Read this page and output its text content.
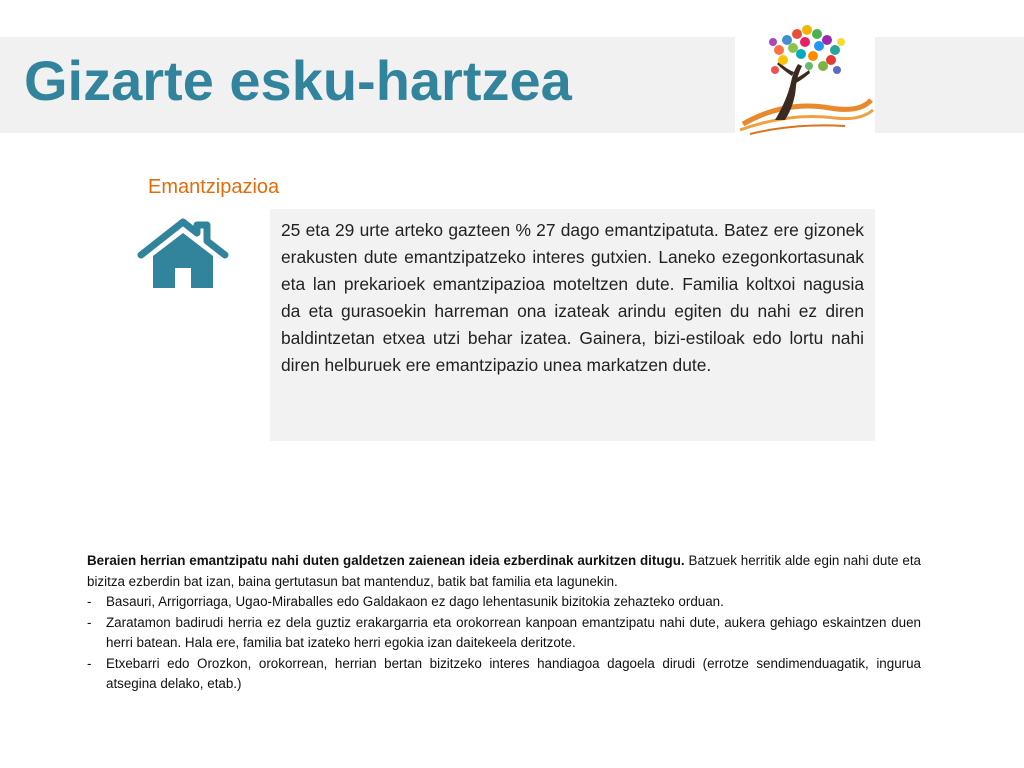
Gizarte esku-hartzea
Emantzipazioa

25 eta 29 urte arteko gazteen % 27 dago emantzipatuta. Batez ere gizonek erakusten dute emantzipatzeko interes gutxien. Laneko ezegonkortasunak eta lan prekarioek emantzipazioa moteltzen dute. Familia koltxoi nagusia da eta gurasoekin harreman ona izateak arindu egiten du nahi ez diren baldintzetan etxea utzi behar izatea. Gainera, bizi-estiloak edo lortu nahi diren helburuek ere emantzipazio unea markatzen dute.

Beraien herrian emantzipatu nahi duten galdetzen zaienean ideia ezberdinak aurkitzen ditugu. Batzuek herritik alde egin nahi dute eta bizitza ezberdin bat izan, baina gertutasun bat mantenduz, batik bat familia eta lagunekin.

- Basauri, Arrigorriaga, Ugao-Miraballes edo Galdakaon ez dago lehentasunik bizitokia zehazteko orduan.
- Zaratamon badirudi herria ez dela guztiz erakargarria eta orokorrean kanpoan emantzipatu nahi dute, aukera gehiago eskaintzen duen herri batean. Hala ere, familia bat izateko herri egokia izan daitekeela deritzote.
- Etxebarri edo Orozkon, orokorrean, herrian bertan bizitzeko interes handiagoa dagoela dirudi (errotze sendimenduagatik, ingurua atsegina delako, etab.)
